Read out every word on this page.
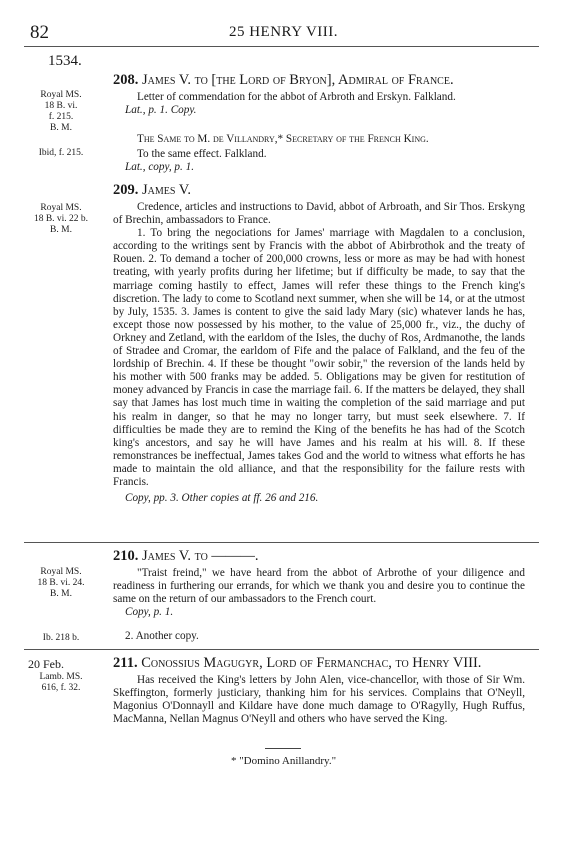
82	25 HENRY VIII.
1534.
Royal MS.
18 B. vi.
f. 215.
B. M.
208. James V. to [the Lord of Bryon], Admiral of France.
Letter of commendation for the abbot of Arbroth and Erskyn. Falkland.
Lat., p. 1. Copy.
Ibid, f. 215.
The Same to M. de Villandry,* Secretary of the French King.
To the same effect. Falkland.
Lat., copy, p. 1.
Royal MS.
18 B. vi. 22 b.
B. M.
209. James V.
Credence, articles and instructions to David, abbot of Arbroath, and Sir Thos. Erskyng of Brechin, ambassadors to France.
1. To bring the negociations for James' marriage with Magdalen to a conclusion, according to the writings sent by Francis with the abbot of Abirbrothok and the treaty of Rouen. 2. To demand a tocher of 200,000 crowns, less or more as may be had with honest treating, with yearly profits during her lifetime; but if difficulty be made, to say that the marriage coming hastily to effect, James will refer these things to the French king's discretion. The lady to come to Scotland next summer, when she will be 14, or at the utmost by July, 1535. 3. James is content to give the said lady Mary (sic) whatever lands he has, except those now possessed by his mother, to the value of 25,000 fr., viz., the duchy of Orkney and Zetland, with the earldom of the Isles, the duchy of Ros, Ardmanothe, the lands of Stradee and Cromar, the earldom of Fife and the palace of Falkland, and the feu of the lordship of Brechin. 4. If these be thought "owir sobir," the reversion of the lands held by his mother with 500 franks may be added. 5. Obligations may be given for restitution of money advanced by Francis in case the marriage fail. 6. If the matters be delayed, they shall say that James has lost much time in waiting the completion of the said marriage and put his realm in danger, so that he may no longer tarry, but must seek elsewhere. 7. If difficulties be made they are to remind the King of the benefits he has had of the Scotch king's ancestors, and say he will have James and his realm at his will. 8. If these remonstrances be ineffectual, James takes God and the world to witness what efforts he has made to maintain the old alliance, and that the responsibility for the failure rests with Francis.
Copy, pp. 3. Other copies at ff. 26 and 216.
Royal MS.
18 B. vi. 24.
B. M.
210. James V. to ———.
"Traist freind," we have heard from the abbot of Arbrothe of your diligence and readiness in furthering our errands, for which we thank you and desire you to continue the same on the return of our ambassadors to the French court.
Copy, p. 1.
Ib. 218 b.	2. Another copy.
20 Feb.
Lamb. MS.
616, f. 32.
211. Conossius Magugyr, Lord of Fermanchac, to Henry VIII.
Has received the King's letters by John Alen, vice-chancellor, with those of Sir Wm. Skeffington, formerly justiciary, thanking him for his services. Complains that O'Neyll, Magonius O'Donnayll and Kildare have done much damage to O'Ragylly, Hugh Ruffus, MacManna, Nellan Magnus O'Neyll and others who have served the King.
* "Domino Anillandry."
